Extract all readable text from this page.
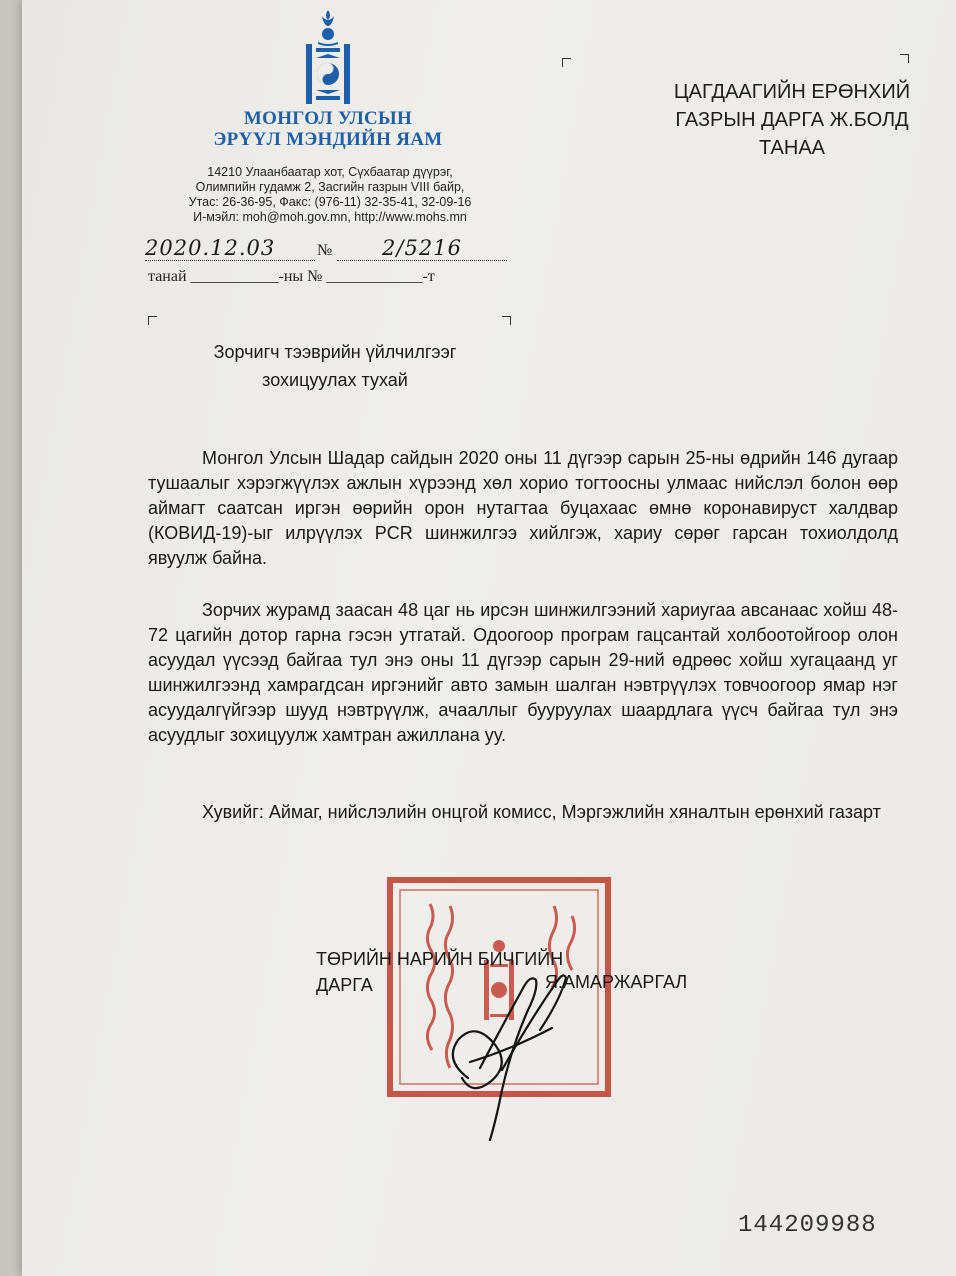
МОНГОЛ УЛСЫН
ЭРҮҮЛ МЭНДИЙН ЯАМ
14210 Улаанбаатар хот, Сүхбаатар дүүрэг,
Олимпийн гудамж 2, Засгийн газрын VIII байр,
Утас: 26-36-95, Факс: (976-11) 32-35-41, 32-09-16
И-мэйл: moh@moh.gov.mn, http://www.mohs.mn
2020.12.03	№	2/5216
танай ___________-ны № ____________-т
ЦАГДААГИЙН ЕРӨНХИЙ
ГАЗРЫН ДАРГА Ж.БОЛД
ТАНАА
Зорчигч тээврийн үйлчилгээг
зохицуулах тухай
Монгол Улсын Шадар сайдын 2020 оны 11 дүгээр сарын 25-ны өдрийн 146 дугаар тушаалыг хэрэгжүүлэх ажлын хүрээнд хөл хорио тогтоосны улмаас нийслэл болон өөр аймагт саатсан иргэн өөрийн орон нутагтаа буцахаас өмнө коронавируст халдвар (КОВИД-19)-ыг илрүүлэх PCR шинжилгээ хийлгэж, хариу сөрөг гарсан тохиолдолд явуулж байна.
Зорчих журамд заасан 48 цаг нь ирсэн шинжилгээний хариугаа авсанаас хойш 48-72 цагийн дотор гарна гэсэн утгатай. Одоогоор програм гацсантай холбоотойгоор олон асуудал үүсээд байгаа тул энэ оны 11 дүгээр сарын 29-ний өдрөөс хойш хугацаанд уг шинжилгээнд хамрагдсан иргэнийг авто замын шалган нэвтрүүлэх товчоогоор ямар нэг асуудалгүйгээр шууд нэвтрүүлж, ачааллыг бууруулах шаардлага үүсч байгаа тул энэ асуудлыг зохицуулж хамтран ажиллана уу.
Хувийг: Аймаг, нийслэлийн онцгой комисс, Мэргэжлийн хяналтын ерөнхий газарт
ТӨРИЙН НАРИЙН БИЧГИЙН
ДАРГА	Я.АМАРЖАРГАЛ
144209988
